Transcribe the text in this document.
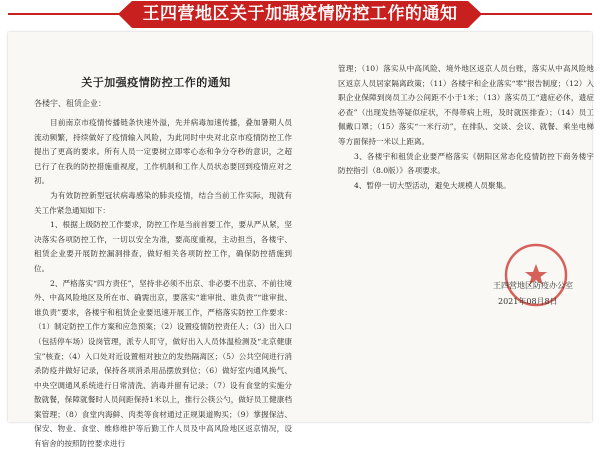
王四营地区关于加强疫情防控工作的通知
关于加强疫情防控工作的通知
各楼宇、租赁企业：

目前南京市疫情传播链条快速外溢，先并病毒加速传播，叠加暑期人员流动频繁，持续做好了疫情输入风险，为此同时中央对北京市疫情防控工作提出了更高的要求。所有人员一定要树立即零心态和争分夺秒的意识，之超已行了在我的防控措施重视度，工作机制和工作人员状态要回到疫情应对之初。

为有效防控新型冠状病毒感染的肺炎疫情，结合当前工作实际，现就有关工作紧急通知如下：

1、根据上级防控工作要求，防控工作是当前首要工作，要从严从紧，坚决落实各项防控工作，一切以安全为准，要高度重视，主动担当，各楼宇、租赁企业要开展防控漏洞排查，做好相关各项防控工作，确保防控措施到位。

2、严格落实“四方责任”，坚持非必须不出京、非必要不出京、不前往境外、中高风险地区及所在市、确需出京，要落实“谁审批、谁负责”“谁审批、谁负责”要求，各楼宇和租赁企业要迅速开展工作，严格落实防控工作要求：（1）制定防控工作方案和应急预案；（2）设置疫情防控责任人；（3）出入口（包括停车场）设岗管理，派专人盯守，做好出入人员体温检测及“北京健康宝”核查；（4）入口处对近设置相对独立的发热隔离区；（5）公共空间进行消杀防疫并做好记录，保持各项消杀用品摆放到位；（6）做好室内通风换气、中央空调通风系统进行日常清洗、消毒并留有记录；（7）设有食堂的实施分散就餐，保障就餐时人员间距保持1米以上，推行公筷公勺，做好员工健康档案管理；（8）食堂内海鲜、肉类等食材通过正规渠道购买；（9）掌握保洁、保安、物业、食堂、维修维护等后勤工作人员及中高风险地区返京情况，设有宿舍的按照防控要求进行

管理；（10）落实从中高风险、境外地区返京人员台账，落实从中高风险地区返京人员居家隔离政策；（11）各楼宇和企业落实“零”报告制度；（12）入职企业保障到岗员工办公间距不小于1米；（13）落实员工“遗症必休，遗症必查”（出现发热等疑似症状，不得带病上班，及时就医排查）；（14）员工佩戴口罩；（15）落实“一米行动”，在排队、交谈、会议、就餐、乘坐电梯等方面保持一米以上距离。

3、各楼宇和租赁企业要严格落实《朝阳区常态化疫情防控下商务楼宇防控指引（8.0版）》各项要求。

4、暂停一切大型活动，避免大规模人员聚集。

王四营地区防疫办公室
2021年08月8日
